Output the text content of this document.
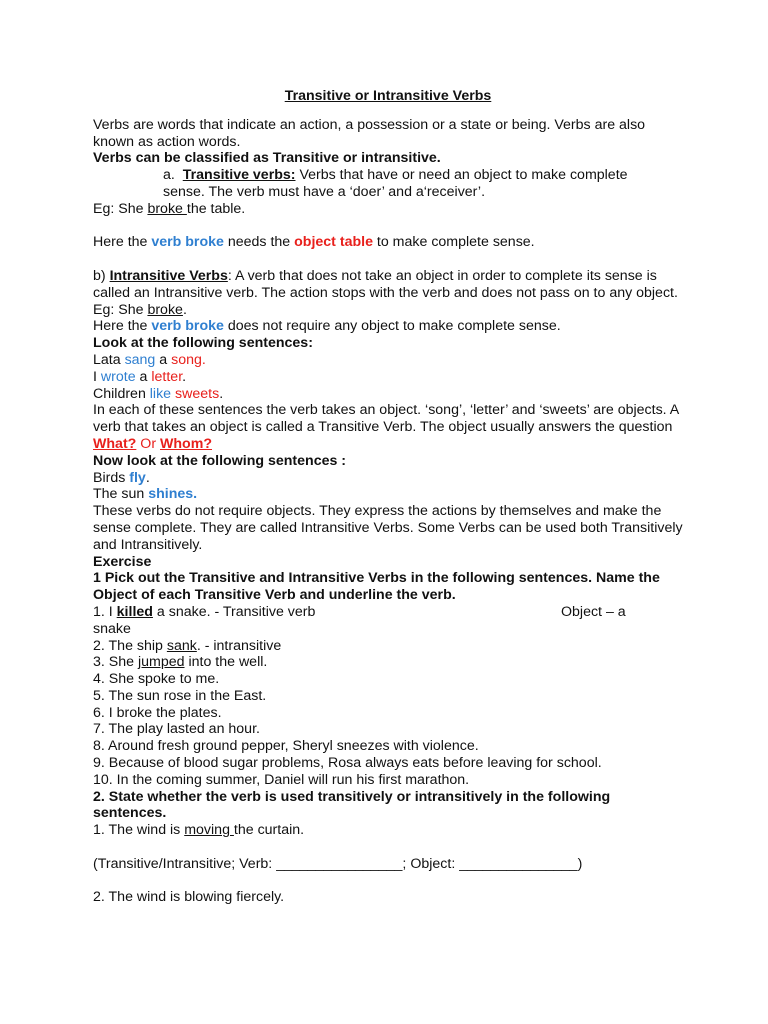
Transitive or Intransitive Verbs

Verbs are words that indicate an action, a possession or a state or being. Verbs are also known as action words.

Verbs can be classified as Transitive or intransitive.

a. Transitive verbs: Verbs that have or need an object to make complete

sense. The verb must have a ‘doer’ and a‘receiver’.

Eg: She broke the table.

Here the verb broke needs the object table to make complete sense.

b) Intransitive Verbs: A verb that does not take an object in order to complete its sense is called an Intransitive verb. The action stops with the verb and does not pass on to any object.

Eg: She broke.

Here the verb broke does not require any object to make complete sense.

Look at the following sentences:

Lata sang a song.

I wrote a letter.

Children like sweets.

In each of these sentences the verb takes an object. ‘song’, ‘letter’ and ‘sweets’ are objects. A verb that takes an object is called a Transitive Verb. The object usually answers the question What? Or Whom?

Now look at the following sentences :

Birds fly.

The sun shines.

These verbs do not require objects. They express the actions by themselves and make the sense complete. They are called Intransitive Verbs. Some Verbs can be used both Transitively and Intransitively.

Exercise

1 Pick out the Transitive and Intransitive Verbs in the following sentences. Name the Object of each Transitive Verb and underline the verb.

1. I killed a snake. - Transitive verb	Object – a

snake

2. The ship sank. - intransitive

3. She jumped into the well.

4. She spoke to me.

5. The sun rose in the East.

6. I broke the plates.

7. The play lasted an hour.

8. Around fresh ground pepper, Sheryl sneezes with violence.

9. Because of blood sugar problems, Rosa always eats before leaving for school.

10. In the coming summer, Daniel will run his first marathon.

2. State whether the verb is used transitively or intransitively in the following sentences.

1. The wind is moving the curtain.

(Transitive/Intransitive; Verb: ________________; Object: _______________)

2. The wind is blowing fiercely.
